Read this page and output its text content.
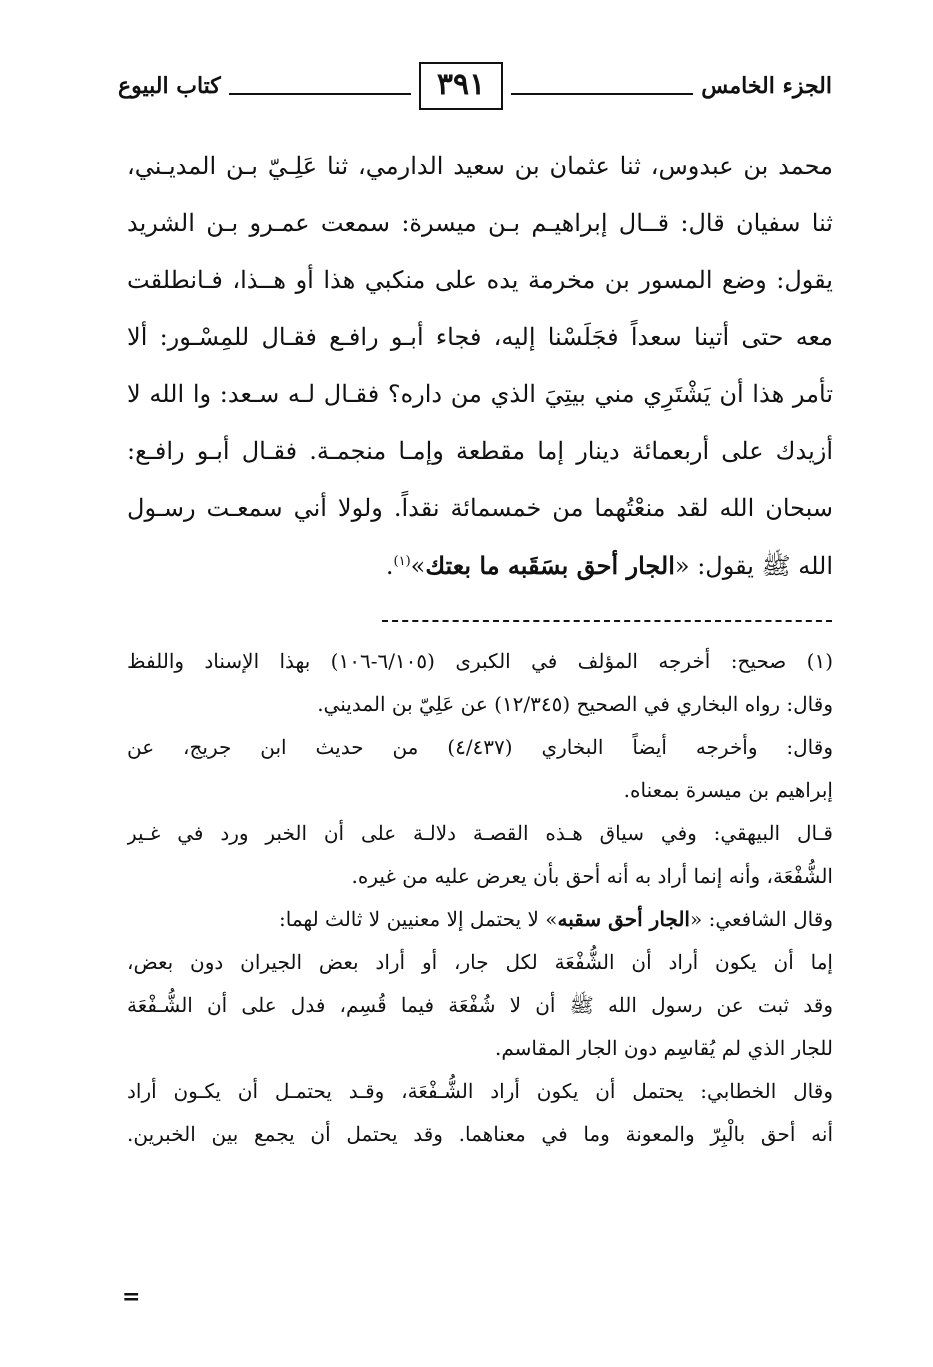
الجزء الخامس
٣٩١
كتاب البيوع
محمد بن عبدوس، ثنا عثمان بن سعيد الدارمي، ثنا عَلِـيّ بـن المديـني،
ثنا سفيان قال: قــال إبراهيـم بـن ميسرة: سمعت عمـرو بـن الشريد
يقول: وضع المسور بن مخرمة يده على منكبي هذا أو هــذا، فـانطلقت
معه حتى أتينا سعداً فجَلَسْنا إليه، فجاء أبـو رافـع فقـال للمِسْـور: ألا
تأمر هذا أن يَشْتَرِي مني بيتِيَ الذي من داره؟ فقـال لـه سـعد: وا الله لا
أزيدك على أربعمائة دينار إما مقطعة وإمـا منجمـة. فقـال أبـو رافـع:
سبحان الله لقد منعْتُهما من خمسمائة نقداً. ولولا أني سمعـت رسـول
الله ﷺ يقول: «الجار أحق بسَقَبه ما بعتك»$^{(١)}$.
(١) صحيح: أخرجه المؤلف في الكبرى (٦/١٠٥-١٠٦) بهذا الإسناد واللفظ
وقال: رواه البخاري في الصحيح (١٢/٣٤٥) عن عَلِيّ بن المديني.
وقال: وأخرجه أيضاً البخاري (٤/٤٣٧) من حديث ابن جريج، عن
إبراهيم بن ميسرة بمعناه.
قـال البيهقي: وفي سياق هـذه القصـة دلالـة على أن الخبر ورد في غـير
الشُّفْعَة، وأنه إنما أراد به أنه أحق بأن يعرض عليه من غيره.
وقال الشافعي: «الجار أحق سقبه» لا يحتمل إلا معنيين لا ثالث لهما:
إما أن يكون أراد أن الشُّفْعَة لكل جار، أو أراد بعض الجيران دون بعض،
وقد ثبت عن رسول الله ﷺ أن لا شُفْعَة فيما قُسِم، فدل على أن الشُّـفْعَة
للجار الذي لم يُقاسِم دون الجار المقاسم.
وقال الخطابي: يحتمل أن يكون أراد الشُّـفْعَة، وقـد يحتمـل أن يكـون أراد
أنه أحق بالْبِرّ والمعونة وما في معناهما. وقد يحتمل أن يجمع بين الخبرين.
=
